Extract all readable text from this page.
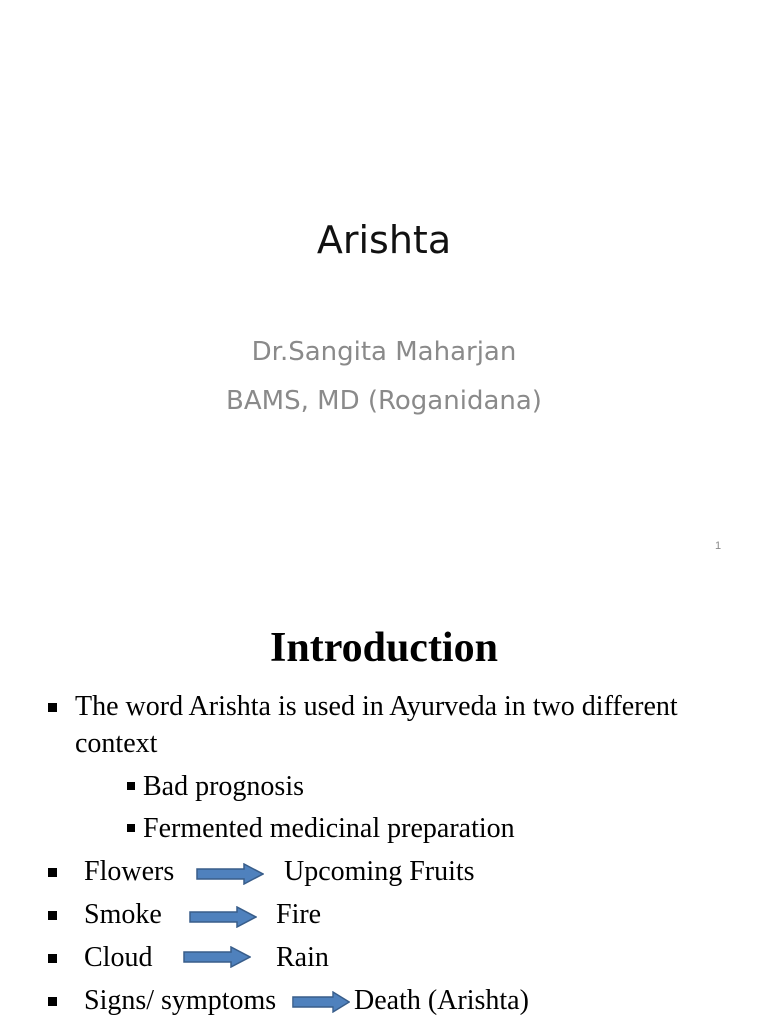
Arishta
Dr.Sangita Maharjan
BAMS, MD (Roganidana)
1
Introduction
The word Arishta is used in Ayurveda in two different
context
Bad prognosis
Fermented medicinal preparation
Flowers	Upcoming Fruits
Smoke	Fire
Cloud	Rain
Signs/ symptoms	Death (Arishta)
